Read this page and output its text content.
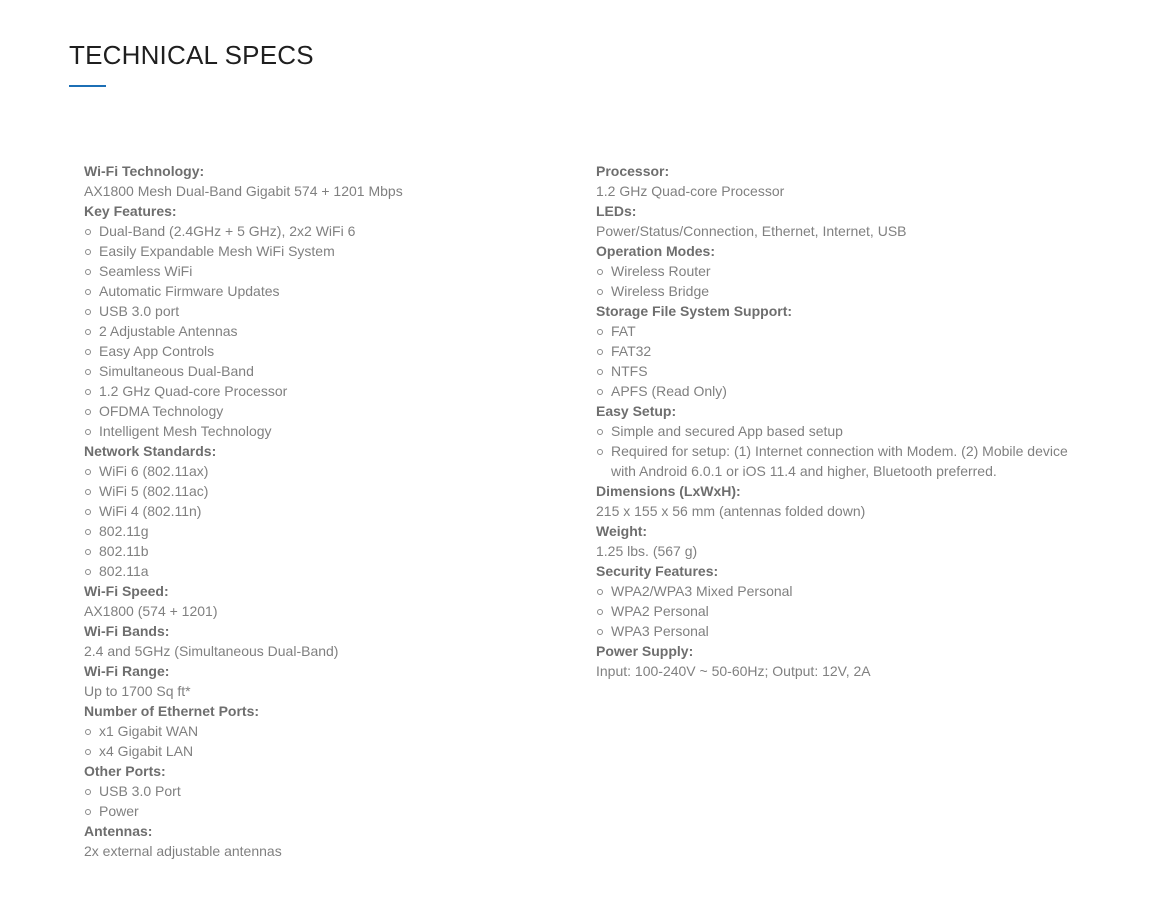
TECHNICAL SPECS
Wi-Fi Technology:
AX1800 Mesh Dual-Band Gigabit 574 + 1201 Mbps
Key Features:
Dual-Band (2.4GHz + 5 GHz), 2x2 WiFi 6
Easily Expandable Mesh WiFi System
Seamless WiFi
Automatic Firmware Updates
USB 3.0 port
2 Adjustable Antennas
Easy App Controls
Simultaneous Dual-Band
1.2 GHz Quad-core Processor
OFDMA Technology
Intelligent Mesh Technology
Network Standards:
WiFi 6 (802.11ax)
WiFi 5 (802.11ac)
WiFi 4 (802.11n)
802.11g
802.11b
802.11a
Wi-Fi Speed:
AX1800 (574 + 1201)
Wi-Fi Bands:
2.4 and 5GHz (Simultaneous Dual-Band)
Wi-Fi Range:
Up to 1700 Sq ft*
Number of Ethernet Ports:
x1 Gigabit WAN
x4 Gigabit LAN
Other Ports:
USB 3.0 Port
Power
Antennas:
2x external adjustable antennas
Processor:
1.2 GHz Quad-core Processor
LEDs:
Power/Status/Connection, Ethernet, Internet, USB
Operation Modes:
Wireless Router
Wireless Bridge
Storage File System Support:
FAT
FAT32
NTFS
APFS (Read Only)
Easy Setup:
Simple and secured App based setup
Required for setup: (1) Internet connection with Modem. (2) Mobile device with Android 6.0.1 or iOS 11.4 and higher, Bluetooth preferred.
Dimensions (LxWxH):
215 x 155 x 56 mm (antennas folded down)
Weight:
1.25 lbs. (567 g)
Security Features:
WPA2/WPA3 Mixed Personal
WPA2 Personal
WPA3 Personal
Power Supply:
Input: 100-240V ~ 50-60Hz; Output: 12V, 2A
